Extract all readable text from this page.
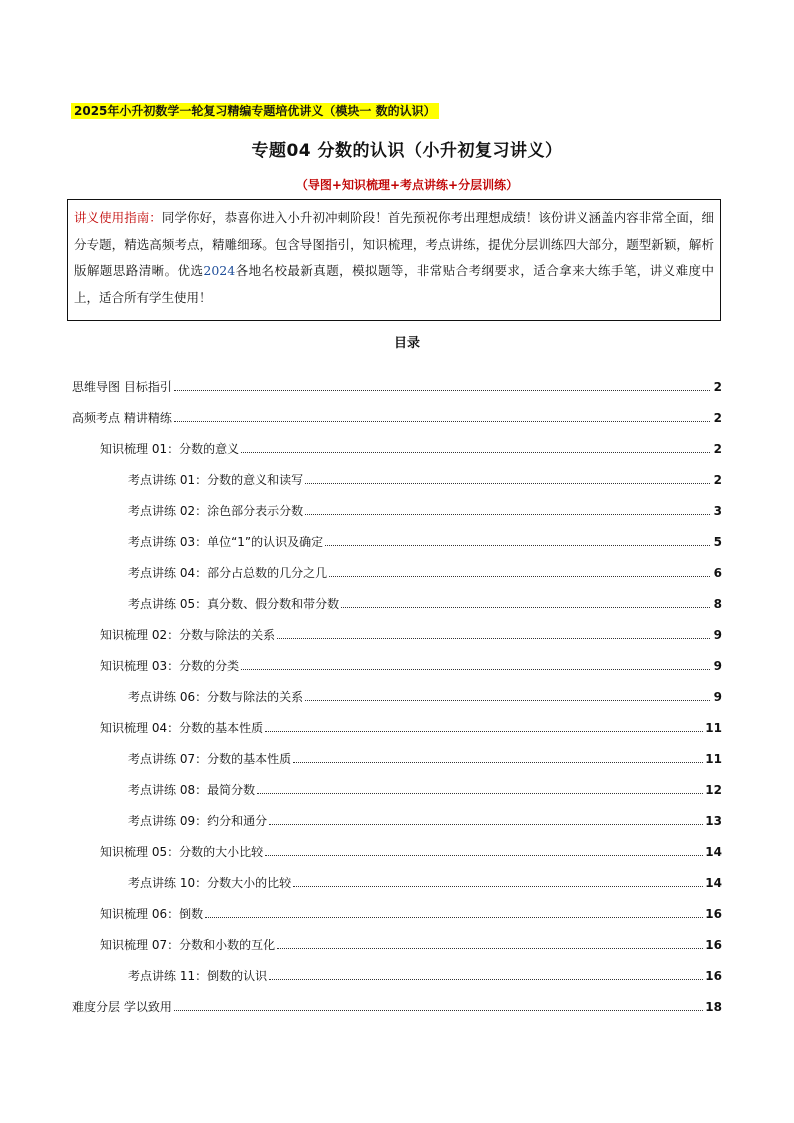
2025年小升初数学一轮复习精编专题培优讲义（模块一 数的认识）
专题04 分数的认识（小升初复习讲义）
（导图+知识梳理+考点讲练+分层训练）
讲义使用指南：同学你好，恭喜你进入小升初冲刺阶段！首先预祝你考出理想成绩！该份讲义涵盖内容非常全面，细分专题，精选高频考点，精雕细琢。包含导图指引，知识梳理，考点讲练，提优分层训练四大部分，题型新颖，解析版解题思路清晰。优选2024各地名校最新真题，模拟题等，非常贴合考纲要求，适合拿来大练手笔，讲义难度中上，适合所有学生使用！
目录
思维导图 目标指引	2
高频考点 精讲精练	2
知识梳理 01：分数的意义	2
考点讲练 01：分数的意义和读写	2
考点讲练 02：涂色部分表示分数	3
考点讲练 03：单位“1”的认识及确定	5
考点讲练 04：部分占总数的几分之几	6
考点讲练 05：真分数、假分数和带分数	8
知识梳理 02：分数与除法的关系	9
知识梳理 03：分数的分类	9
考点讲练 06：分数与除法的关系	9
知识梳理 04：分数的基本性质	11
考点讲练 07：分数的基本性质	11
考点讲练 08：最简分数	12
考点讲练 09：约分和通分	13
知识梳理 05：分数的大小比较	14
考点讲练 10：分数大小的比较	14
知识梳理 06：倒数	16
知识梳理 07：分数和小数的互化	16
考点讲练 11：倒数的认识	16
难度分层 学以致用	18
